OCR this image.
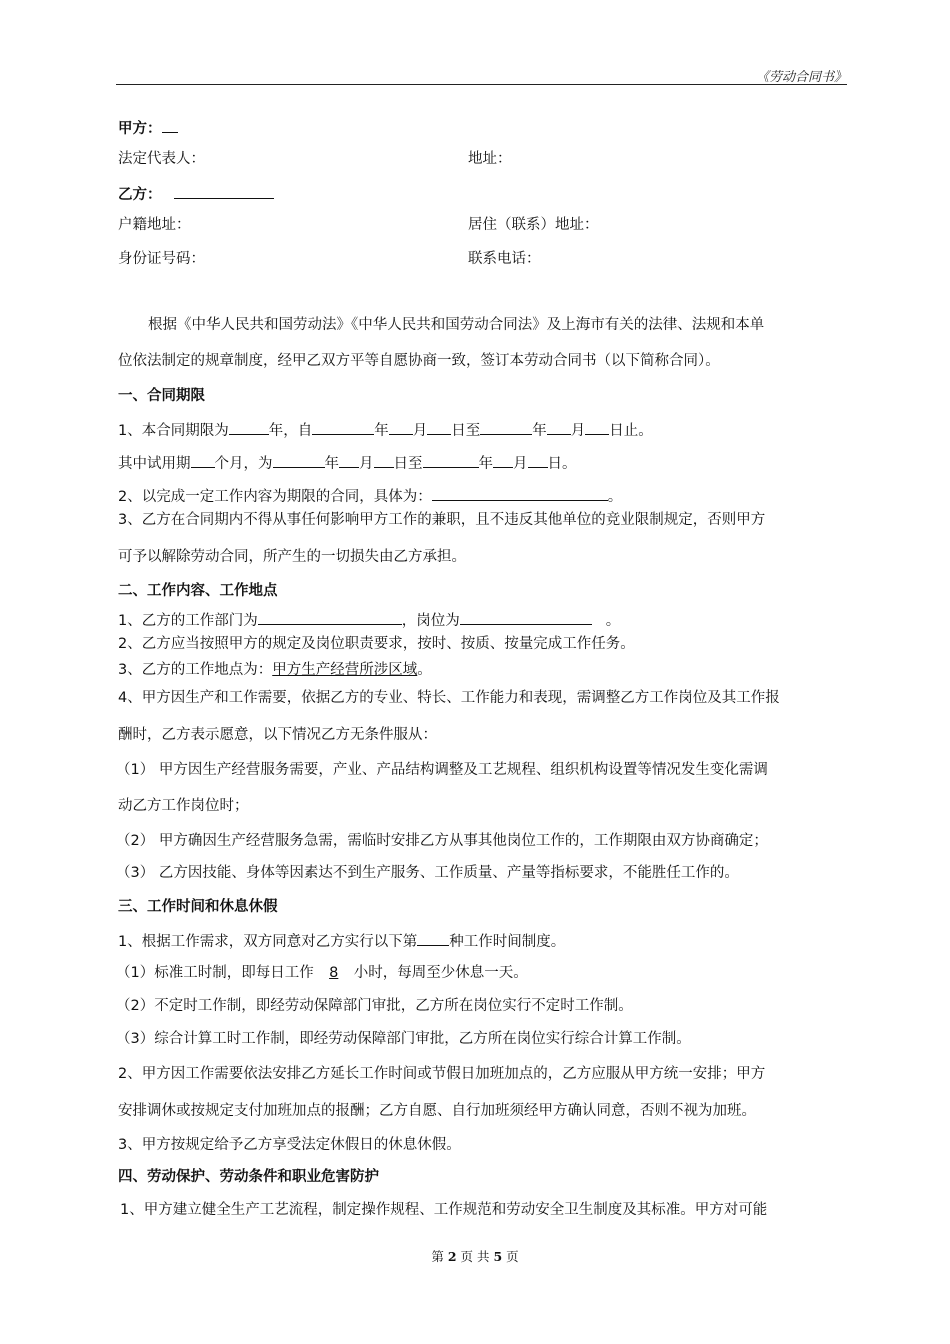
《劳动合同书》
甲方：
法定代表人：	地址：
乙方：
户籍地址：	居住（联系）地址：
身份证号码：	联系电话：
根据《中华人民共和国劳动法》《中华人民共和国劳动合同法》及上海市有关的法律、法规和本单
位依法制定的规章制度，经甲乙双方平等自愿协商一致，签订本劳动合同书（以下简称合同）。
一、合同期限
1、本合同期限为	年，自	年 月 日至	年 月 日止。
其中试用期 个月，为	年 月 日至	年 月 日。
2、以完成一定工作内容为期限的合同，具体为：	。
3、乙方在合同期内不得从事任何影响甲方工作的兼职，且不违反其他单位的竞业限制规定，否则甲方
可予以解除劳动合同，所产生的一切损失由乙方承担。
二、工作内容、工作地点
1、乙方的工作部门为	，岗位为	。
2、乙方应当按照甲方的规定及岗位职责要求，按时、按质、按量完成工作任务。
3、乙方的工作地点为：甲方生产经营所涉区域。
4、甲方因生产和工作需要，依据乙方的专业、特长、工作能力和表现，需调整乙方工作岗位及其工作报
酬时，乙方表示愿意，以下情况乙方无条件服从：
（1） 甲方因生产经营服务需要，产业、产品结构调整及工艺规程、组织机构设置等情况发生变化需调
动乙方工作岗位时；
（2） 甲方确因生产经营服务急需，需临时安排乙方从事其他岗位工作的，工作期限由双方协商确定；
（3） 乙方因技能、身体等因素达不到生产服务、工作质量、产量等指标要求，不能胜任工作的。
三、工作时间和休息休假
1、根据工作需求，双方同意对乙方实行以下第 种工作时间制度。
（1）标准工时制，即每日工作 8 小时，每周至少休息一天。
（2）不定时工作制，即经劳动保障部门审批，乙方所在岗位实行不定时工作制。
（3）综合计算工时工作制，即经劳动保障部门审批，乙方所在岗位实行综合计算工作制。
2、甲方因工作需要依法安排乙方延长工作时间或节假日加班加点的，乙方应服从甲方统一安排；甲方
安排调休或按规定支付加班加点的报酬；乙方自愿、自行加班须经甲方确认同意，否则不视为加班。
3、甲方按规定给予乙方享受法定休假日的休息休假。
四、劳动保护、劳动条件和职业危害防护
1、甲方建立健全生产工艺流程，制定操作规程、工作规范和劳动安全卫生制度及其标准。甲方对可能
第 2 页 共 5 页
